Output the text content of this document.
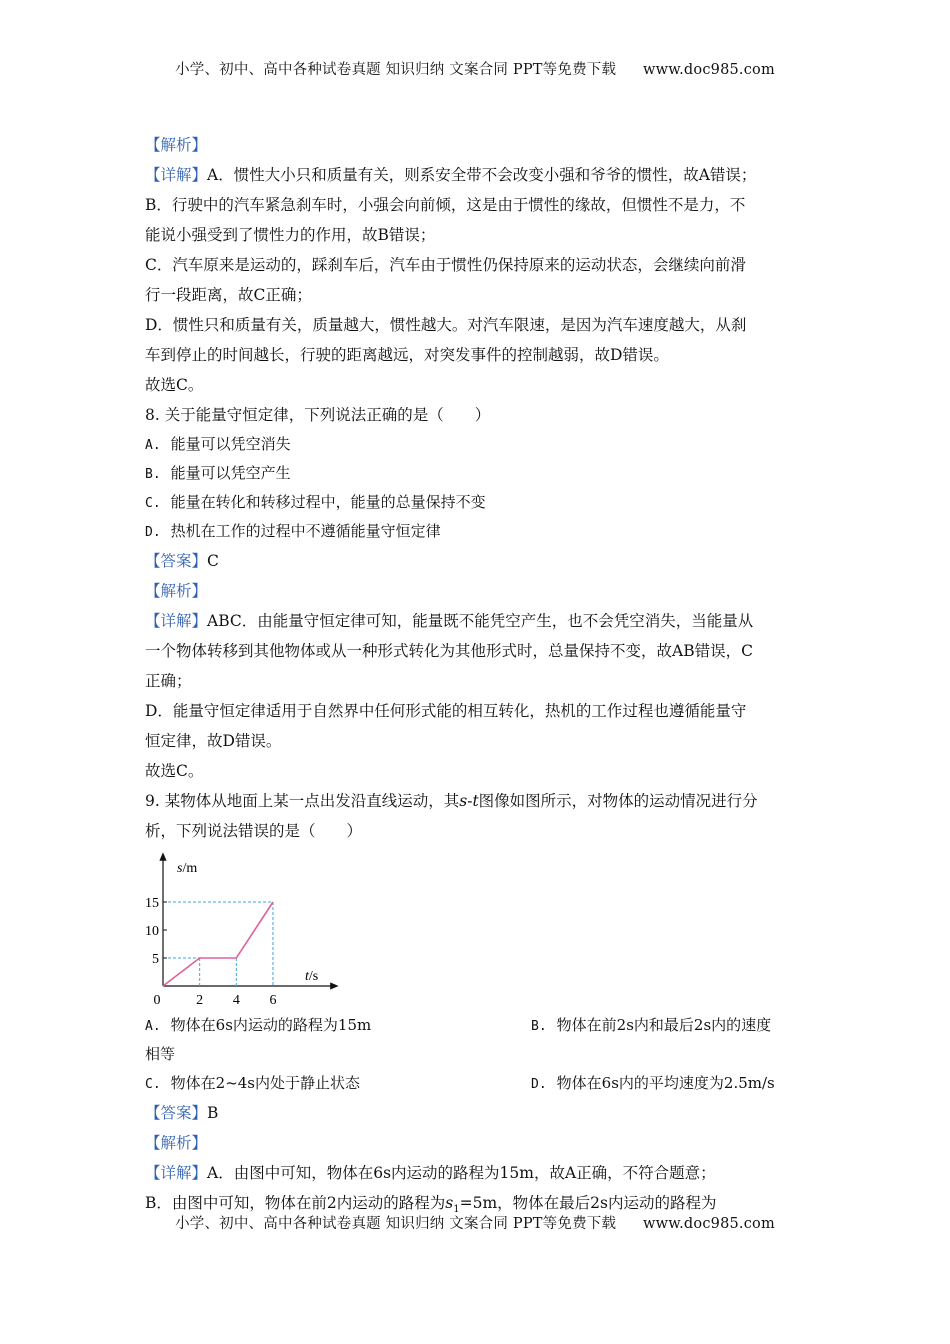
小学、初中、高中各种试卷真题 知识归纳 文案合同 PPT等免费下载 www.doc985.com
【解析】
【详解】A．惯性大小只和质量有关，则系安全带不会改变小强和爷爷的惯性，故A错误；
B．行驶中的汽车紧急刹车时，小强会向前倾，这是由于惯性的缘故，但惯性不是力，不
能说小强受到了惯性力的作用，故B错误；
C．汽车原来是运动的，踩刹车后，汽车由于惯性仍保持原来的运动状态，会继续向前滑
行一段距离，故C正确；
D．惯性只和质量有关，质量越大，惯性越大。对汽车限速，是因为汽车速度越大，从刹
车到停止的时间越长，行驶的距离越远，对突发事件的控制越弱，故D错误。
故选C。
8. 关于能量守恒定律，下列说法正确的是（　　）
A. 能量可以凭空消失
B. 能量可以凭空产生
C. 能量在转化和转移过程中，能量的总量保持不变
D. 热机在工作的过程中不遵循能量守恒定律
【答案】C
【解析】
【详解】ABC．由能量守恒定律可知，能量既不能凭空产生，也不会凭空消失，当能量从
一个物体转移到其他物体或从一种形式转化为其他形式时，总量保持不变，故AB错误，C
正确；
D．能量守恒定律适用于自然界中任何形式能的相互转化，热机的工作过程也遵循能量守
恒定律，故D错误。
故选C。
9. 某物体从地面上某一点出发沿直线运动，其s-t图像如图所示，对物体的运动情况进行分
析，下列说法错误的是（　　）
0	2 4 6
5
10
15
s/m
t/s
A. 物体在6s内运动的路程为15m	B. 物体在前2s内和最后2s内的速度
相等
C. 物体在2~4s内处于静止状态	D. 物体在6s内的平均速度为2.5m/s
【答案】B
【解析】
【详解】A．由图中可知，物体在6s内运动的路程为15m，故A正确，不符合题意；
B．由图中可知，物体在前2内运动的路程为$s_1=5m$，物体在最后2s内运动的路程为
小学、初中、高中各种试卷真题 知识归纳 文案合同 PPT等免费下载 www.doc985.com
